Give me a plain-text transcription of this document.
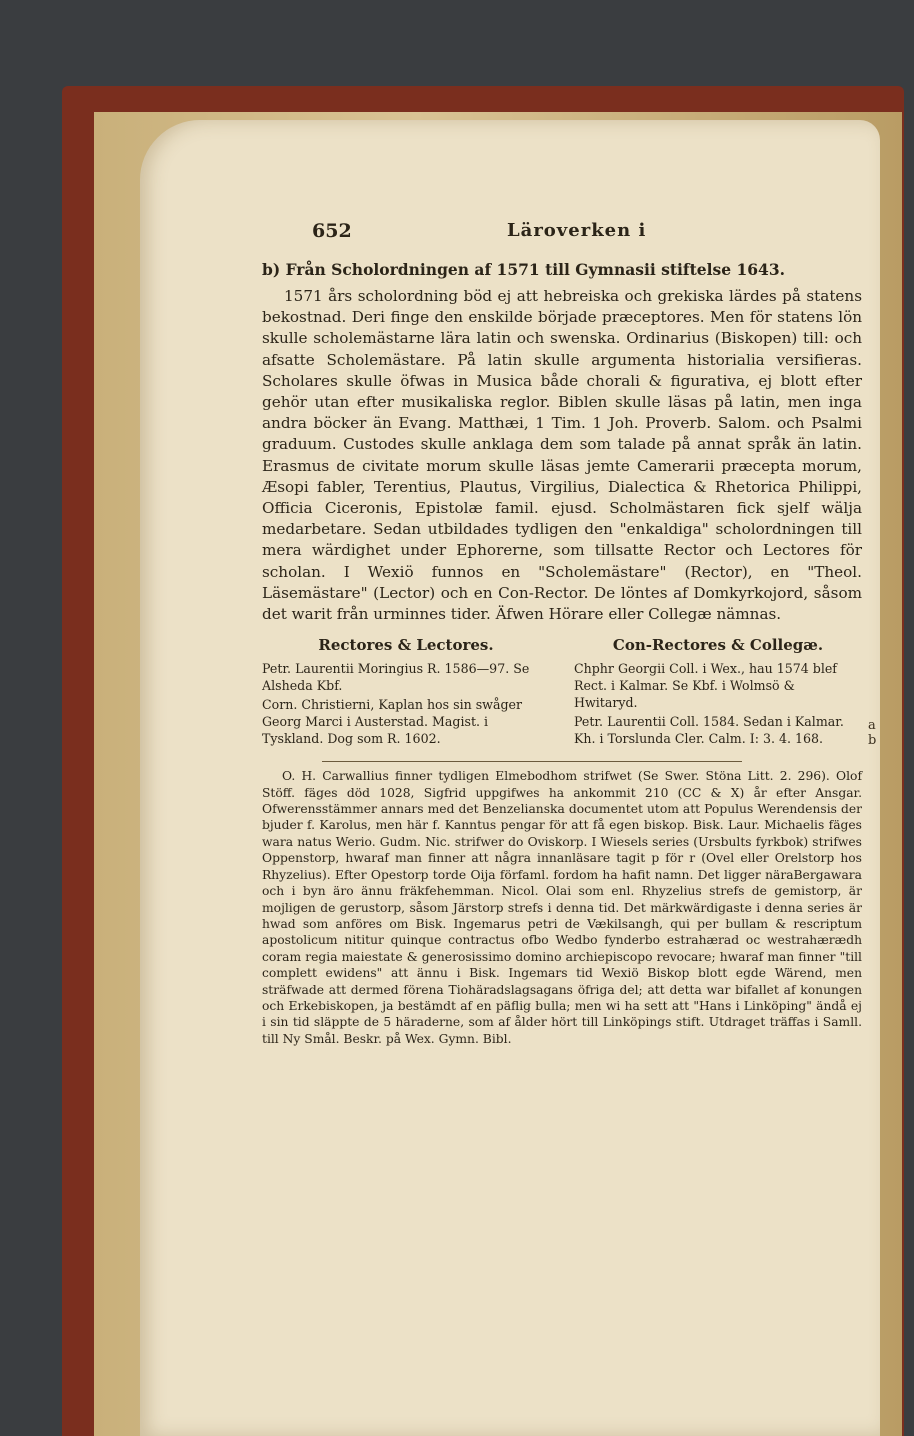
652	Läroverken i
b) Från Scholordningen af 1571 till Gymnasii stiftelse 1643.

1571 års scholordning böd ej att hebreiska och grekiska lärdes på statens bekostnad. Deri finge den enskilde började præceptores. Men för statens lön skulle scholemästarne lära latin och swenska. Ordinarius (Biskopen) till: och afsatte Scholemästare. På latin skulle argumenta historialia versifieras. Scholares skulle öfwas in Musica både chorali & figurativa, ej blott efter gehör utan efter musikaliska reglor. Biblen skulle läsas på latin, men inga andra böcker än Evang. Matthæi, 1 Tim. 1 Joh. Proverb. Salom. och Psalmi graduum. Custodes skulle anklaga dem som talade på annat språk än latin. Erasmus de civitate morum skulle läsas jemte Camerarii præcepta morum, Æsopi fabler, Terentius, Plautus, Virgilius, Dialectica & Rhetorica Philippi, Officia Ciceronis, Epistolæ famil. ejusd. Scholmästaren fick sjelf wälja medarbetare. Sedan utbildades tydligen den "enkaldiga" scholordningen till mera wärdighet under Ephorerne, som tillsatte Rector och Lectores för scholan. I Wexiö funnos en "Scholemästare" (Rector), en "Theol. Läsemästare" (Lector) och en Con-Rector. De löntes af Domkyrkojord, såsom det warit från urminnes tider. Äfwen Hörare eller Collegæ nämnas.

Rectores & Lectores.

Petr. Laurentii Moringius R. 1586—97. Se Alsheda Kbf.

Corn. Christierni, Kaplan hos sin swåger Georg Marci i Austerstad. Magist. i Tyskland. Dog som R. 1602.

Con-Rectores & Collegæ.

Chphr Georgii Coll. i Wex., hau 1574 blef Rect. i Kalmar. Se Kbf. i Wolmsö & Hwitaryd.

Petr. Laurentii Coll. 1584. Sedan i Kalmar. Kh. i Torslunda Cler. Calm. I: 3. 4. 168.

O. H. Carwallius finner tydligen Elmebodhom strifwet (Se Swer. Stöna Litt. 2. 296). Olof Stöff. fäges död 1028, Sigfrid uppgifwes ha ankommit 210 (CC & X) år efter Ansgar. Ofwerensstämmer annars med det Benzelianska documentet utom att Populus Werendensis der bjuder f. Karolus, men här f. Kanntus pengar för att få egen biskop. Bisk. Laur. Michaelis fäges wara natus Werio. Gudm. Nic. strifwer do Oviskorp. I Wiesels series (Ursbults fyrkbok) strifwes Oppenstorp, hwaraf man finner att några innanläsare tagit p för r (Ovel eller Orelstorp hos Rhyzelius). Efter Opestorp torde Oija förfaml. fordom ha hafit namn. Det ligger näraBergawara och i byn äro ännu fräkfehemman. Nicol. Olai som enl. Rhyzelius strefs de gemistorp, är mojligen de gerustorp, såsom Järstorp strefs i denna tid. Det märkwärdigaste i denna series är hwad som anföres om Bisk. Ingemarus petri de Vækilsangh, qui per bullam & rescriptum apostolicum nititur quinque contractus ofbo Wedbo fynderbo estrahærad oc westrahærædh coram regia maiestate & generosissimo domino archiepiscopo revocare; hwaraf man finner "till complett ewidens" att ännu i Bisk. Ingemars tid Wexiö Biskop blott egde Wärend, men sträfwade att dermed förena Tiohäradslagsagans öfriga del; att detta war bifallet af konungen och Erkebiskopen, ja bestämdt af en päflig bulla; men wi ha sett att "Hans i Linköping" ändå ej i sin tid släppte de 5 häraderne, som af ålder hört till Linköpings stift. Utdraget träffas i Samll. till Ny Smål. Beskr. på Wex. Gymn. Bibl.

a
b
